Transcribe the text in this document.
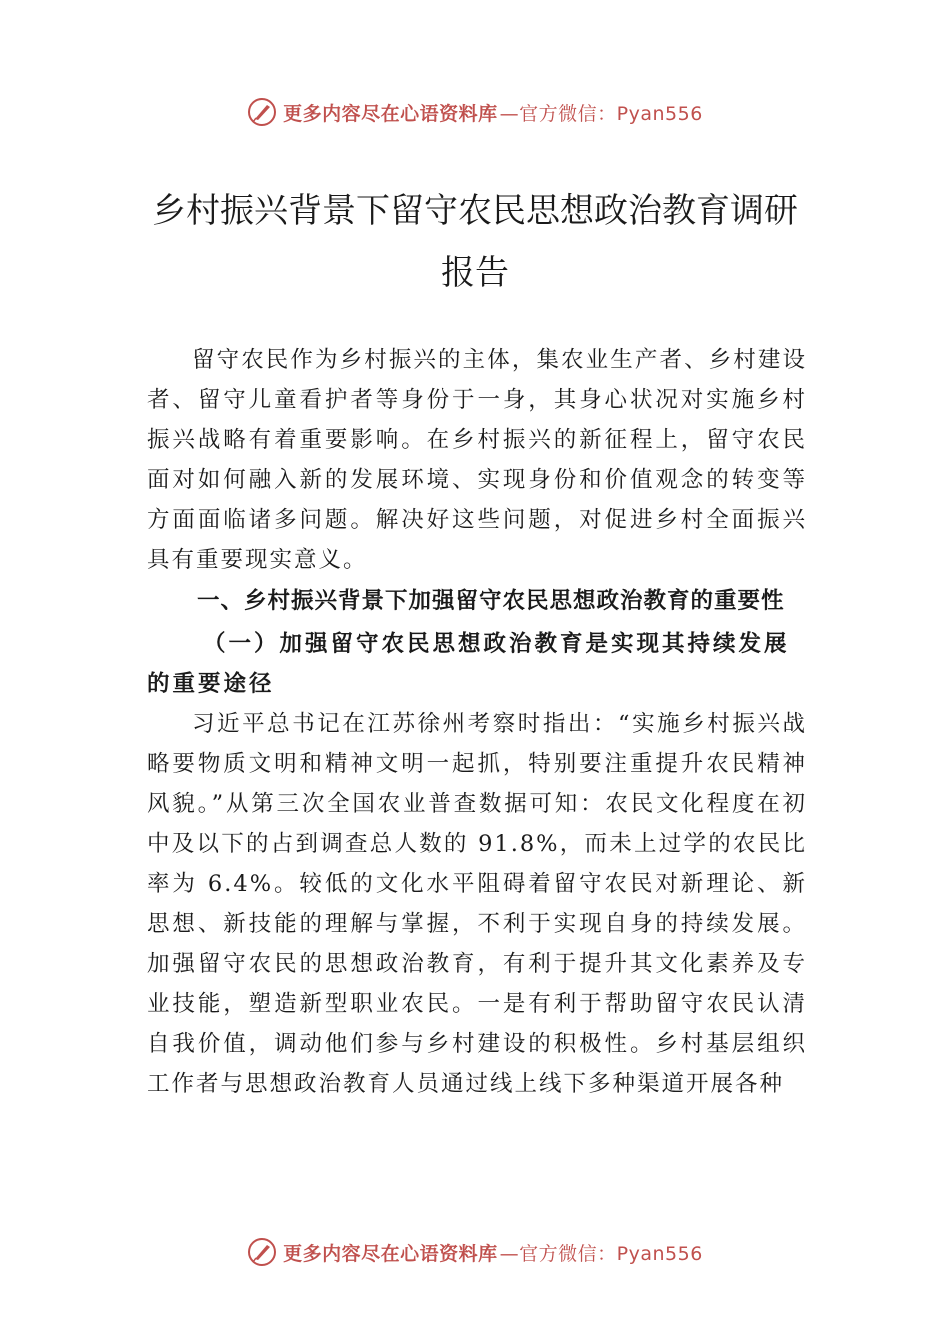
更多内容尽在心语资料库 —官方微信：Pyan556
乡村振兴背景下留守农民思想政治教育调研报告

留守农民作为乡村振兴的主体，集农业生产者、乡村建设者、留守儿童看护者等身份于一身，其身心状况对实施乡村振兴战略有着重要影响。在乡村振兴的新征程上，留守农民面对如何融入新的发展环境、实现身份和价值观念的转变等方面面临诸多问题。解决好这些问题，对促进乡村全面振兴具有重要现实意义。

一、乡村振兴背景下加强留守农民思想政治教育的重要性

（一）加强留守农民思想政治教育是实现其持续发展的重要途径

习近平总书记在江苏徐州考察时指出：“实施乡村振兴战略要物质文明和精神文明一起抓，特别要注重提升农民精神风貌。”从第三次全国农业普查数据可知：农民文化程度在初中及以下的占到调查总人数的 91.8%，而未上过学的农民比率为 6.4%。较低的文化水平阻碍着留守农民对新理论、新思想、新技能的理解与掌握，不利于实现自身的持续发展。加强留守农民的思想政治教育，有利于提升其文化素养及专业技能，塑造新型职业农民。一是有利于帮助留守农民认清自我价值，调动他们参与乡村建设的积极性。乡村基层组织工作者与思想政治教育人员通过线上线下多种渠道开展各种

更多内容尽在心语资料库 —官方微信：Pyan556
